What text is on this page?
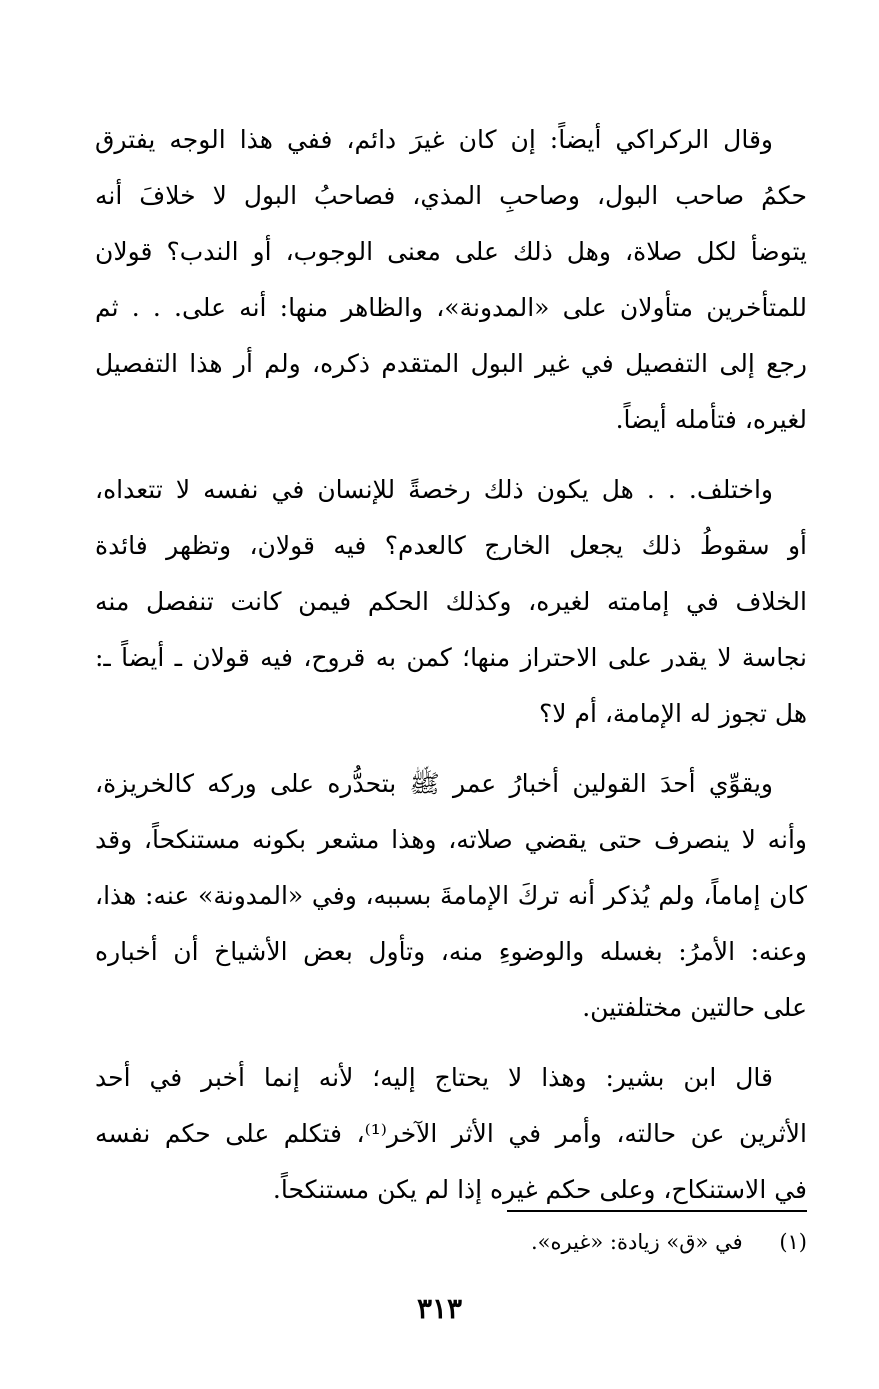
وقال الركراكي أيضاً: إن كان غيرَ دائم، ففي هذا الوجه يفترق
حكمُ صاحب البول، وصاحبِ المذي، فصاحبُ البول لا خلافَ أنه
يتوضأ لكل صلاة، وهل ذلك على معنى الوجوب، أو الندب؟ قولان
للمتأخرين متأولان على «المدونة»، والظاهر منها: أنه على. . . ثم
رجع إلى التفصيل في غير البول المتقدم ذكره، ولم أر هذا التفصيل
لغيره، فتأمله أيضاً.
واختلف. . . هل يكون ذلك رخصةً للإنسان في نفسه لا تتعداه،
أو سقوطُ ذلك يجعل الخارج كالعدم؟ فيه قولان، وتظهر فائدة
الخلاف في إمامته لغيره، وكذلك الحكم فيمن كانت تنفصل منه
نجاسة لا يقدر على الاحتراز منها؛ كمن به قروح، فيه قولان ـ أيضاً ـ:
هل تجوز له الإمامة، أم لا؟
ويقوِّي أحدَ القولين أخبارُ عمر ﷺ بتحدُّره على وركه كالخريزة،
وأنه لا ينصرف حتى يقضي صلاته، وهذا مشعر بكونه مستنكحاً، وقد
كان إماماً، ولم يُذكر أنه تركَ الإمامةَ بسببه، وفي «المدونة» عنه: هذا،
وعنه: الأمرُ: بغسله والوضوءِ منه، وتأول بعض الأشياخ أن أخباره
على حالتين مختلفتين.
قال ابن بشير: وهذا لا يحتاج إليه؛ لأنه إنما أخبر في أحد
الأثرين عن حالته، وأمر في الأثر الآخر⁽¹⁾، فتكلم على حكم نفسه
في الاستنكاح، وعلى حكم غيره إذا لم يكن مستنكحاً.
(١) في «ق» زيادة: «غيره».
٣١٣
